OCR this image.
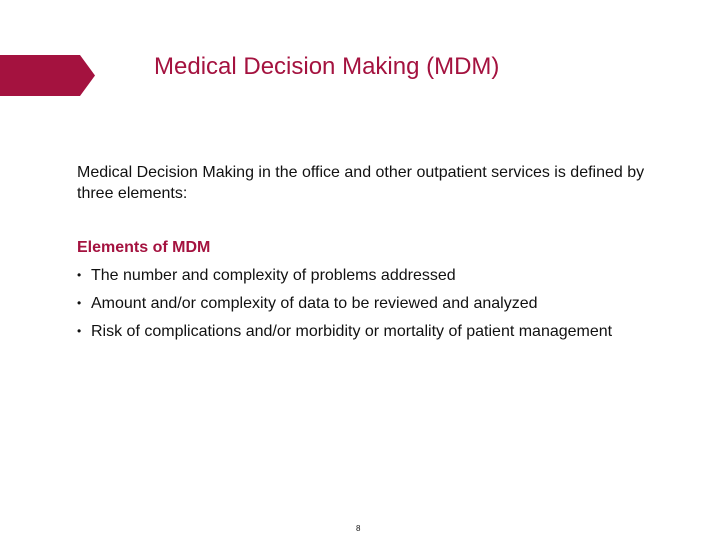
Medical Decision Making (MDM)
Medical Decision Making in the office and other outpatient services is defined by three elements:
Elements of MDM
• The number and complexity of problems addressed
• Amount and/or complexity of data to be reviewed and analyzed
• Risk of complications and/or morbidity or mortality of patient management
8
